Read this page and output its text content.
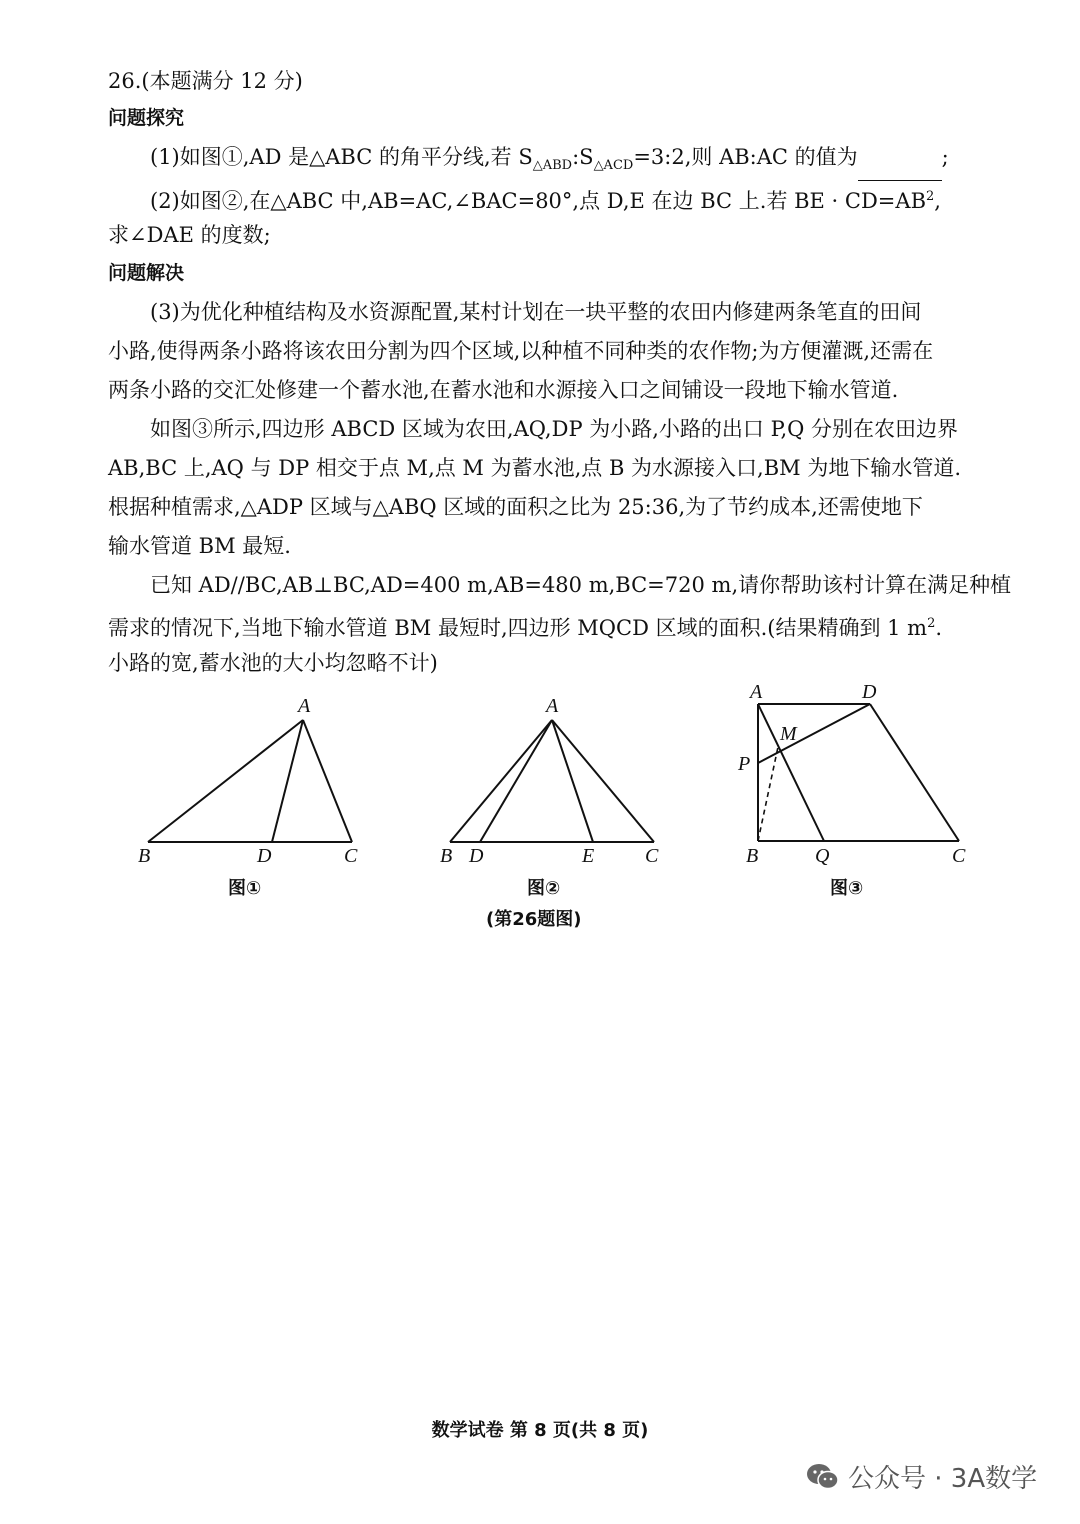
26.(本题满分 12 分)
问题探究
(1)如图①,AD 是△ABC 的角平分线,若 $S_{\triangle ABD}:S_{\triangle ACD}=3:2$,则 AB:AC 的值为	;
(2)如图②,在△ABC 中,AB=AC,∠BAC=80°,点 D,E 在边 BC 上.若 BE · $CD=AB^2$,
求∠DAE 的度数;
问题解决
(3)为优化种植结构及水资源配置,某村计划在一块平整的农田内修建两条笔直的田间
小路,使得两条小路将该农田分割为四个区域,以种植不同种类的农作物;为方便灌溉,还需在
两条小路的交汇处修建一个蓄水池,在蓄水池和水源接入口之间铺设一段地下输水管道.
如图③所示,四边形 ABCD 区域为农田,AQ,DP 为小路,小路的出口 P,Q 分别在农田边界
AB,BC 上,AQ 与 DP 相交于点 M,点 M 为蓄水池,点 B 为水源接入口,BM 为地下输水管道.
根据种植需求,△ADP 区域与△ABQ 区域的面积之比为 25:36,为了节约成本,还需使地下
输水管道 BM 最短.
已知 AD//BC,AB⊥BC,AD=400 m,AB=480 m,BC=720 m,请你帮助该村计算在满足种植
需求的情况下,当地下输水管道 BM 最短时,四边形 MQCD 区域的面积.(结果精确到 1 $m^2$.
小路的宽,蓄水池的大小均忽略不计)
A
B	D	C
图①
A
B D	E	C
图②
A	D
M
P
B	Q	C
图③
(第26题图)
数学试卷 第 8 页(共 8 页)
公众号 · 3A数学
